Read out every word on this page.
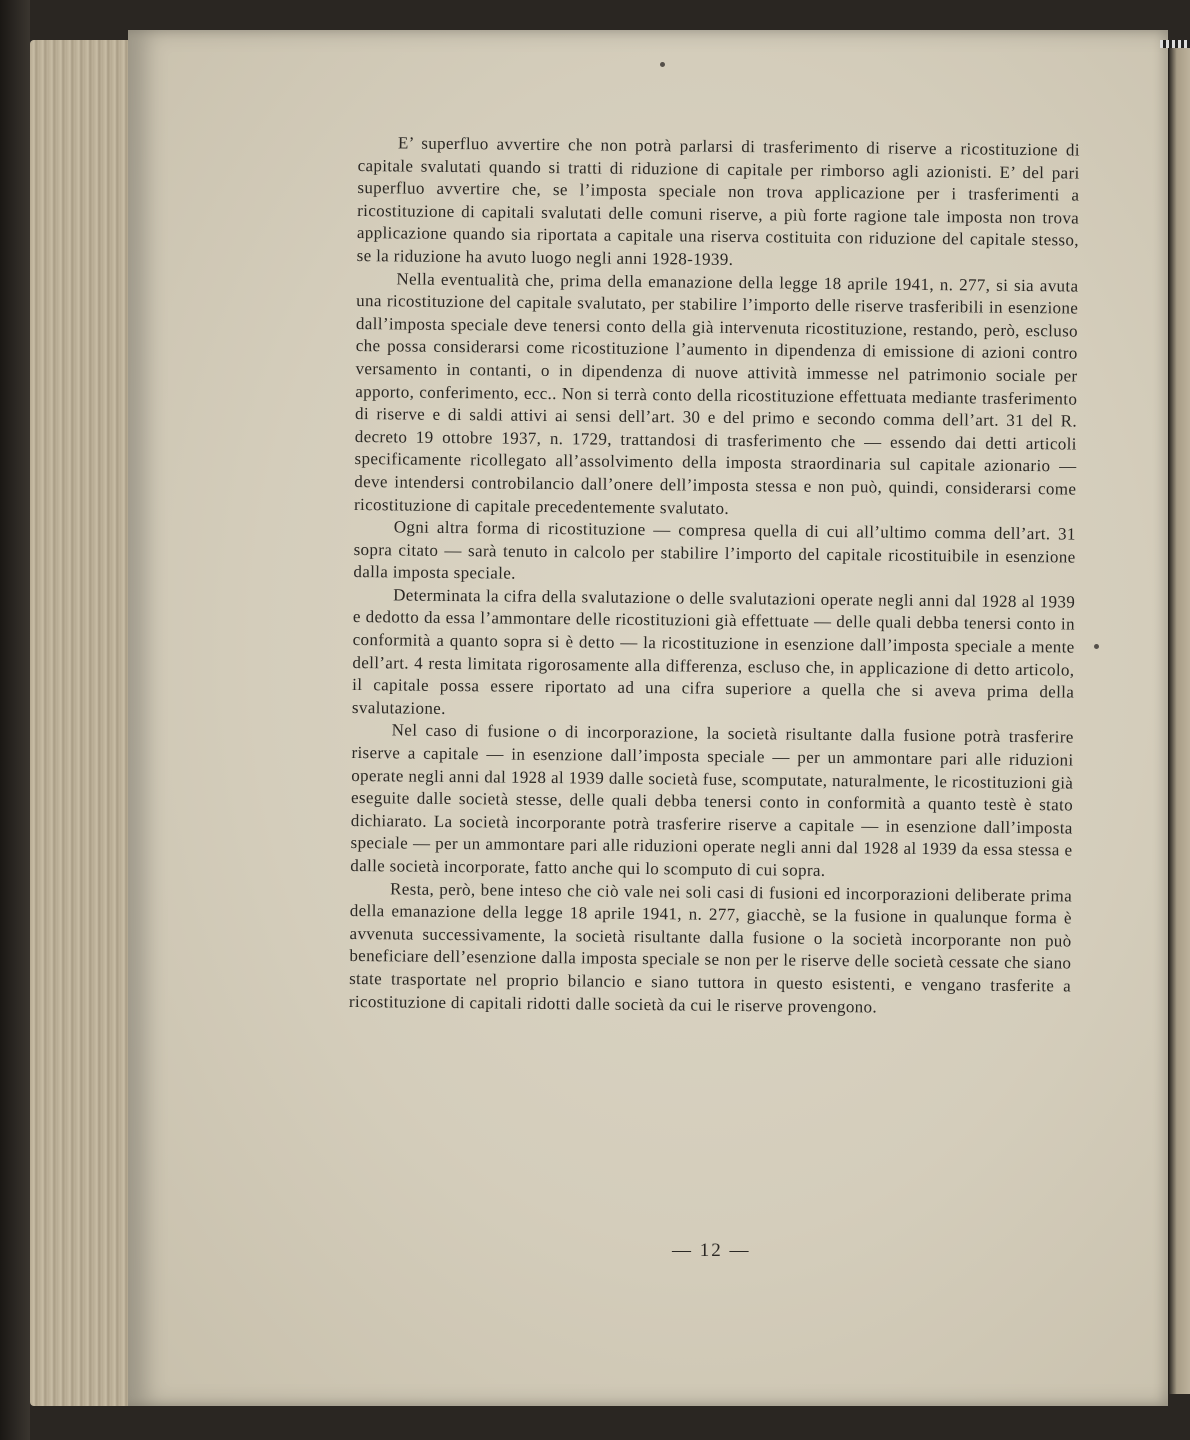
E’ superfluo avvertire che non potrà parlarsi di trasferimento di riserve a ricostituzione di capitale svalutati quando si tratti di riduzione di capitale per rimborso agli azionisti. E’ del pari superfluo avvertire che, se l’imposta speciale non trova applicazione per i trasferimenti a ricostituzione di capitali svalutati delle comuni riserve, a più forte ragione tale imposta non trova applicazione quando sia riportata a capitale una riserva costituita con riduzione del capitale stesso, se la riduzione ha avuto luogo negli anni 1928-1939.

Nella eventualità che, prima della emanazione della legge 18 aprile 1941, n. 277, si sia avuta una ricostituzione del capitale svalutato, per stabilire l’importo delle riserve trasferibili in esenzione dall’imposta speciale deve tenersi conto della già intervenuta ricostituzione, restando, però, escluso che possa considerarsi come ricostituzione l’aumento in dipendenza di emissione di azioni contro versamento in contanti, o in dipendenza di nuove attività immesse nel patrimonio sociale per apporto, conferimento, ecc.. Non si terrà conto della ricostituzione effettuata mediante trasferimento di riserve e di saldi attivi ai sensi dell’art. 30 e del primo e secondo comma dell’art. 31 del R. decreto 19 ottobre 1937, n. 1729, trattandosi di trasferimento che — essendo dai detti articoli specificamente ricollegato all’assolvimento della imposta straordinaria sul capitale azionario — deve intendersi controbilancio dall’onere dell’imposta stessa e non può, quindi, considerarsi come ricostituzione di capitale precedentemente svalutato.

Ogni altra forma di ricostituzione — compresa quella di cui all’ultimo comma dell’art. 31 sopra citato — sarà tenuto in calcolo per stabilire l’importo del capitale ricostituibile in esenzione dalla imposta speciale.

Determinata la cifra della svalutazione o delle svalutazioni operate negli anni dal 1928 al 1939 e dedotto da essa l’ammontare delle ricostituzioni già effettuate — delle quali debba tenersi conto in conformità a quanto sopra si è detto — la ricostituzione in esenzione dall’imposta speciale a mente dell’art. 4 resta limitata rigorosamente alla differenza, escluso che, in applicazione di detto articolo, il capitale possa essere riportato ad una cifra superiore a quella che si aveva prima della svalutazione.

Nel caso di fusione o di incorporazione, la società risultante dalla fusione potrà trasferire riserve a capitale — in esenzione dall’imposta speciale — per un ammontare pari alle riduzioni operate negli anni dal 1928 al 1939 dalle società fuse, scomputate, naturalmente, le ricostituzioni già eseguite dalle società stesse, delle quali debba tenersi conto in conformità a quanto testè è stato dichiarato. La società incorporante potrà trasferire riserve a capitale — in esenzione dall’imposta speciale — per un ammontare pari alle riduzioni operate negli anni dal 1928 al 1939 da essa stessa e dalle società incorporate, fatto anche qui lo scomputo di cui sopra.

Resta, però, bene inteso che ciò vale nei soli casi di fusioni ed incorporazioni deliberate prima della emanazione della legge 18 aprile 1941, n. 277, giacchè, se la fusione in qualunque forma è avvenuta successivamente, la società risultante dalla fusione o la società incorporante non può beneficiare dell’esenzione dalla imposta speciale se non per le riserve delle società cessate che siano state trasportate nel proprio bilancio e siano tuttora in questo esistenti, e vengano trasferite a ricostituzione di capitali ridotti dalle società da cui le riserve provengono.

— 12 —
